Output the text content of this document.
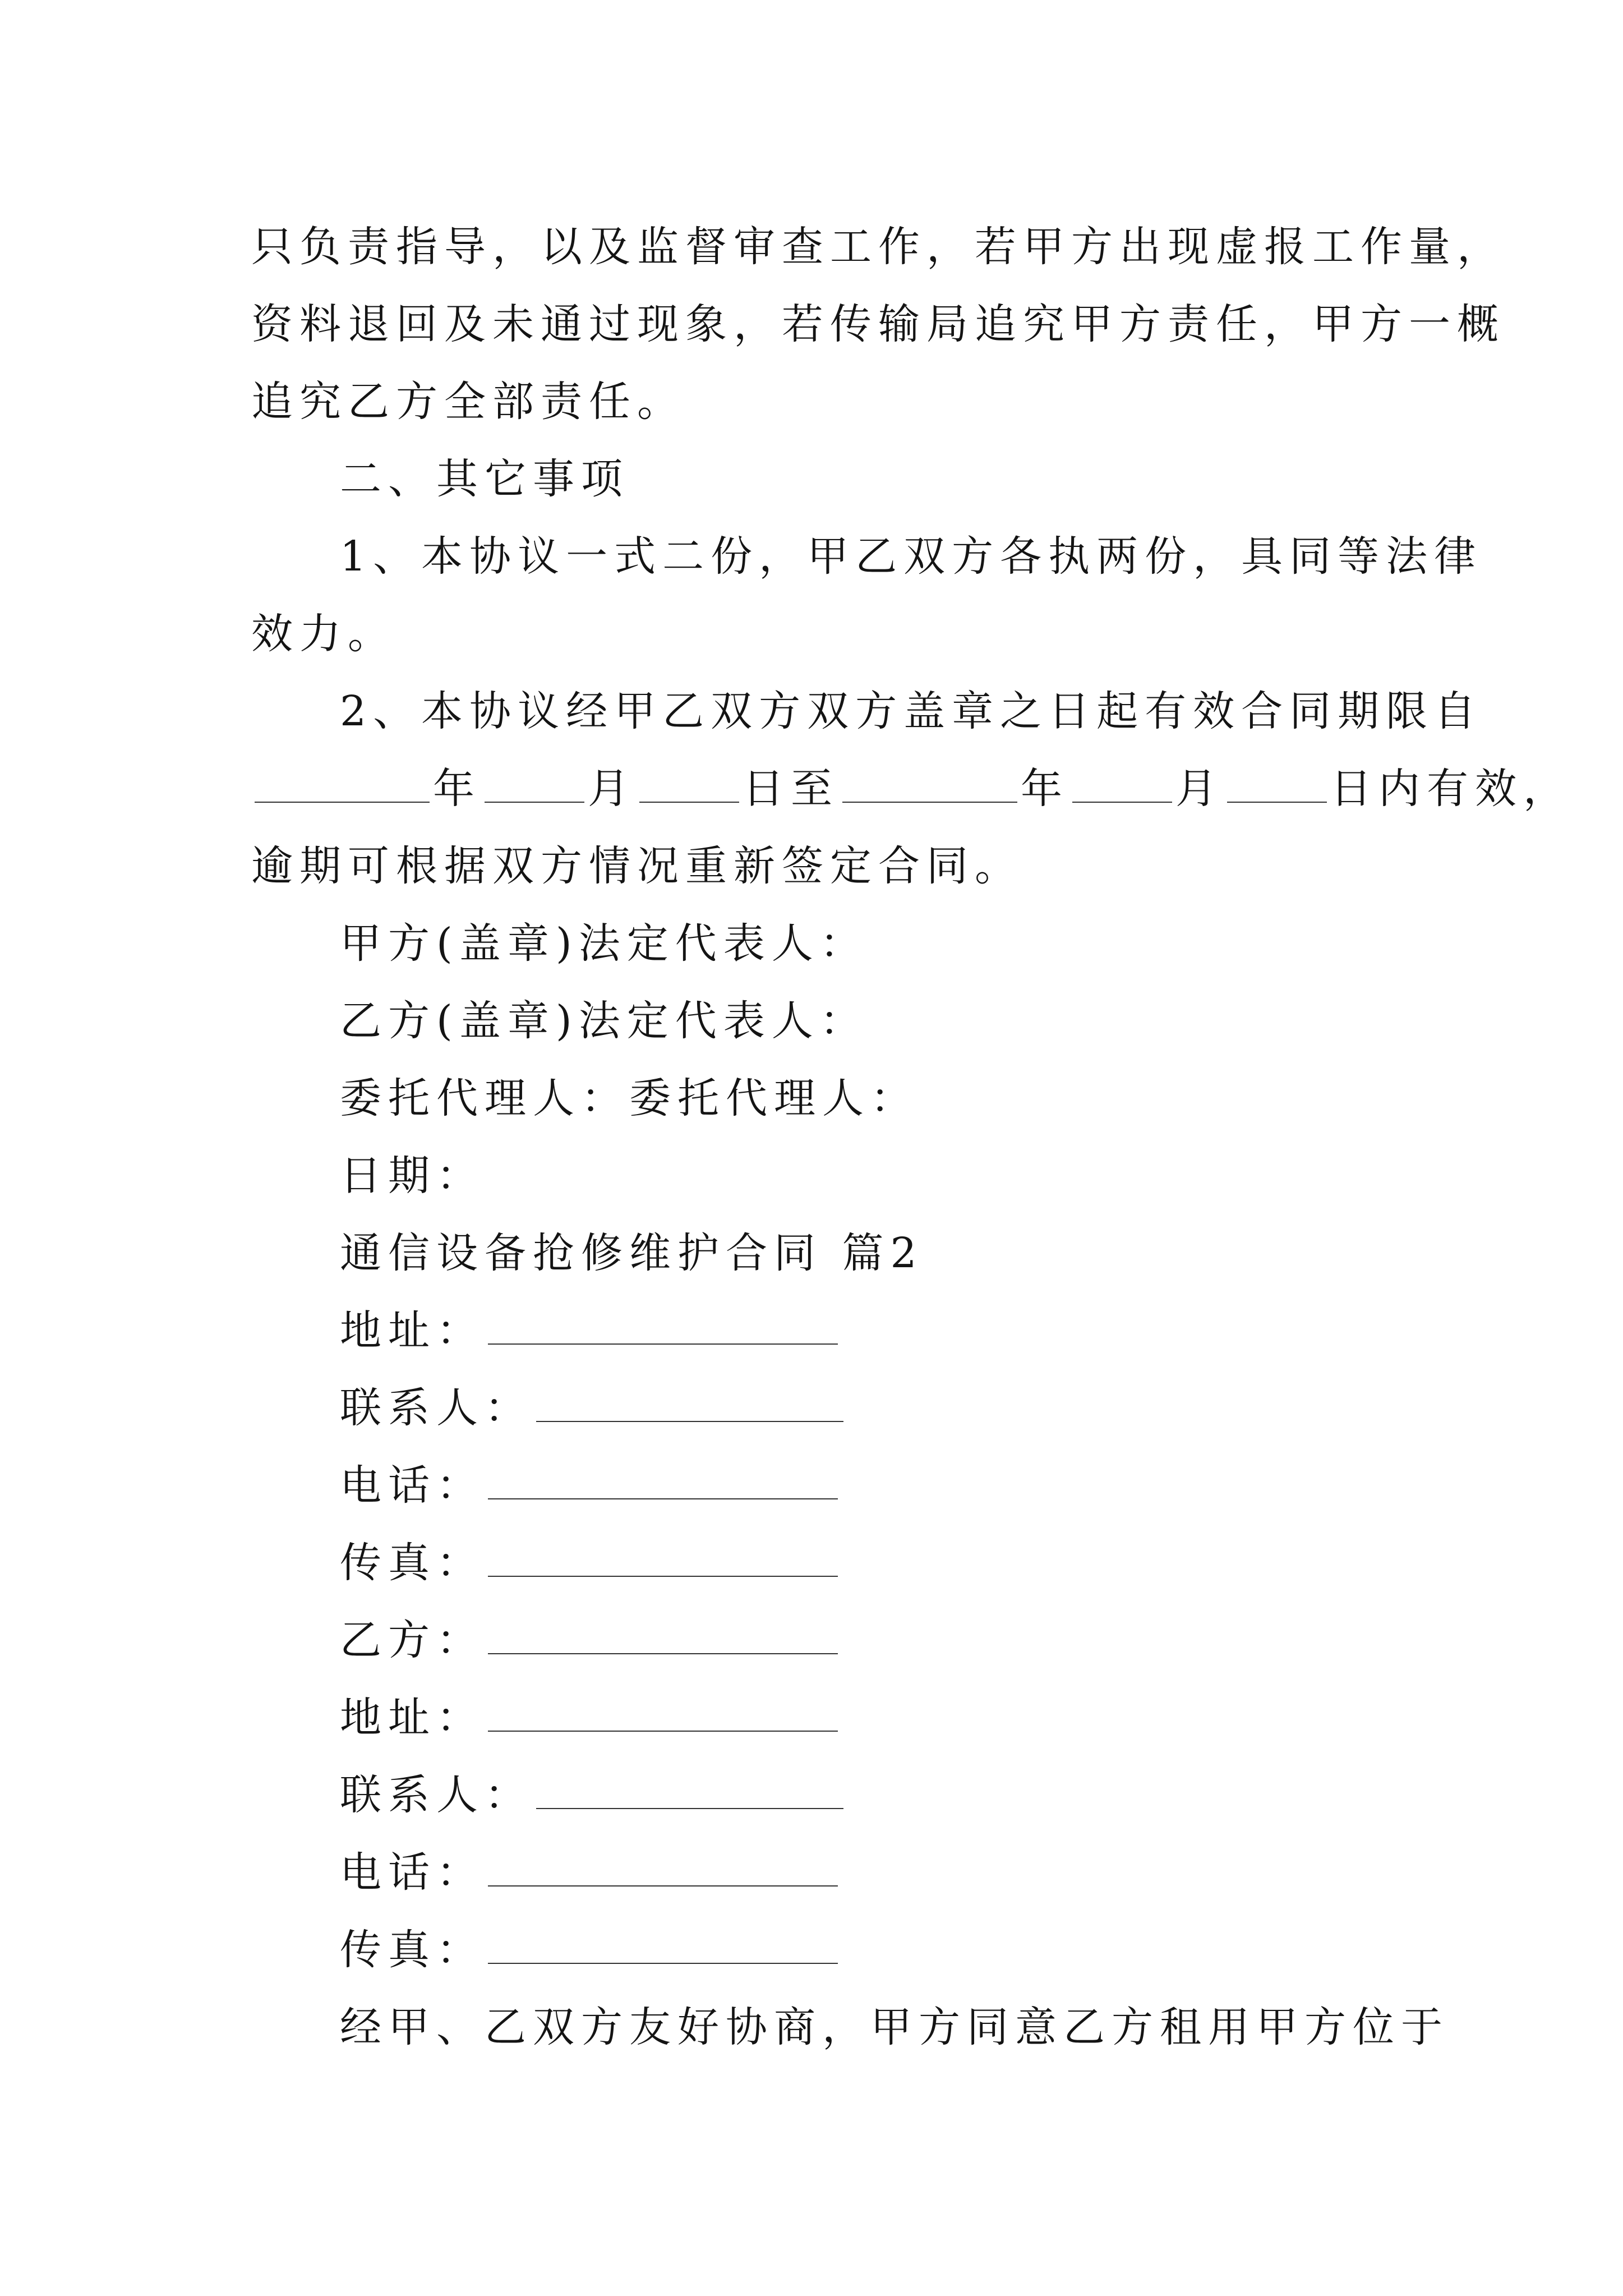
只负责指导，以及监督审查工作，若甲方出现虚报工作量，
资料退回及未通过现象，若传输局追究甲方责任，甲方一概
追究乙方全部责任。
二、其它事项
1、本协议一式二份，甲乙双方各执两份，具同等法律
效力。
2、本协议经甲乙双方双方盖章之日起有效合同期限自
年	月	日至	年	月	日内有效，
逾期可根据双方情况重新签定合同。
甲方(盖章)法定代表人：
乙方(盖章)法定代表人：
委托代理人：委托代理人：
日期：
通信设备抢修维护合同 篇2
地址：
联系人：
电话：
传真：
乙方：
地址：
联系人：
电话：
传真：
经甲、乙双方友好协商，甲方同意乙方租用甲方位于
